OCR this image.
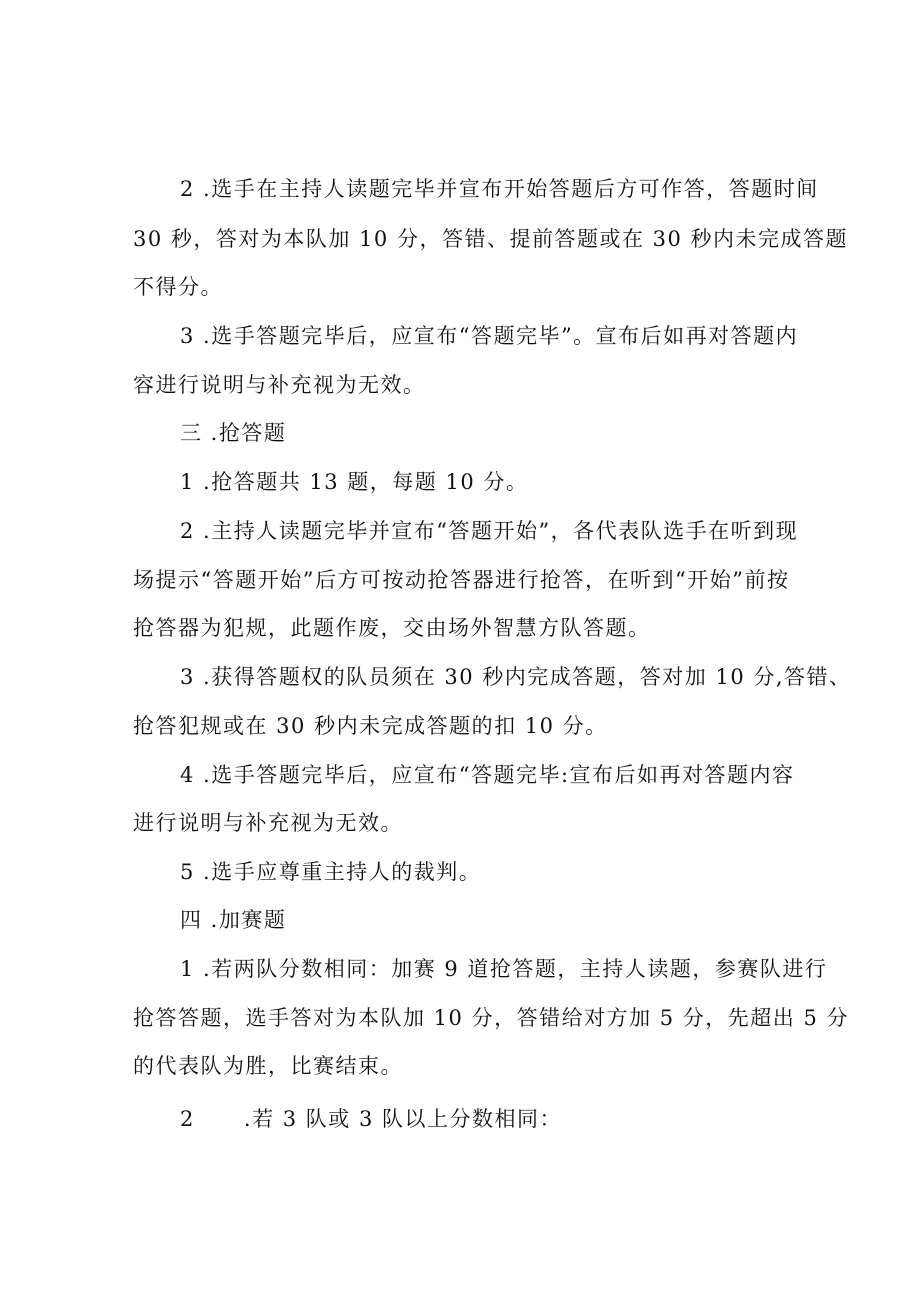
2 .选手在主持人读题完毕并宣布开始答题后方可作答，答题时间
30 秒，答对为本队加 10 分，答错、提前答题或在 30 秒内未完成答题
不得分。
3 .选手答题完毕后，应宣布“答题完毕”。宣布后如再对答题内
容进行说明与补充视为无效。
三 .抢答题
1 .抢答题共 13 题，每题 10 分。
2 .主持人读题完毕并宣布“答题开始”，各代表队选手在听到现
场提示“答题开始”后方可按动抢答器进行抢答，在听到“开始”前按
抢答器为犯规，此题作废，交由场外智慧方队答题。
3 .获得答题权的队员须在 30 秒内完成答题，答对加 10 分,答错、
抢答犯规或在 30 秒内未完成答题的扣 10 分。
4 .选手答题完毕后，应宣布“答题完毕:宣布后如再对答题内容
进行说明与补充视为无效。
5 .选手应尊重主持人的裁判。
四 .加赛题
1 .若两队分数相同：加赛 9 道抢答题，主持人读题，参赛队进行
抢答答题，选手答对为本队加 10 分，答错给对方加 5 分，先超出 5 分
的代表队为胜，比赛结束。
2      .若 3 队或 3 队以上分数相同：
